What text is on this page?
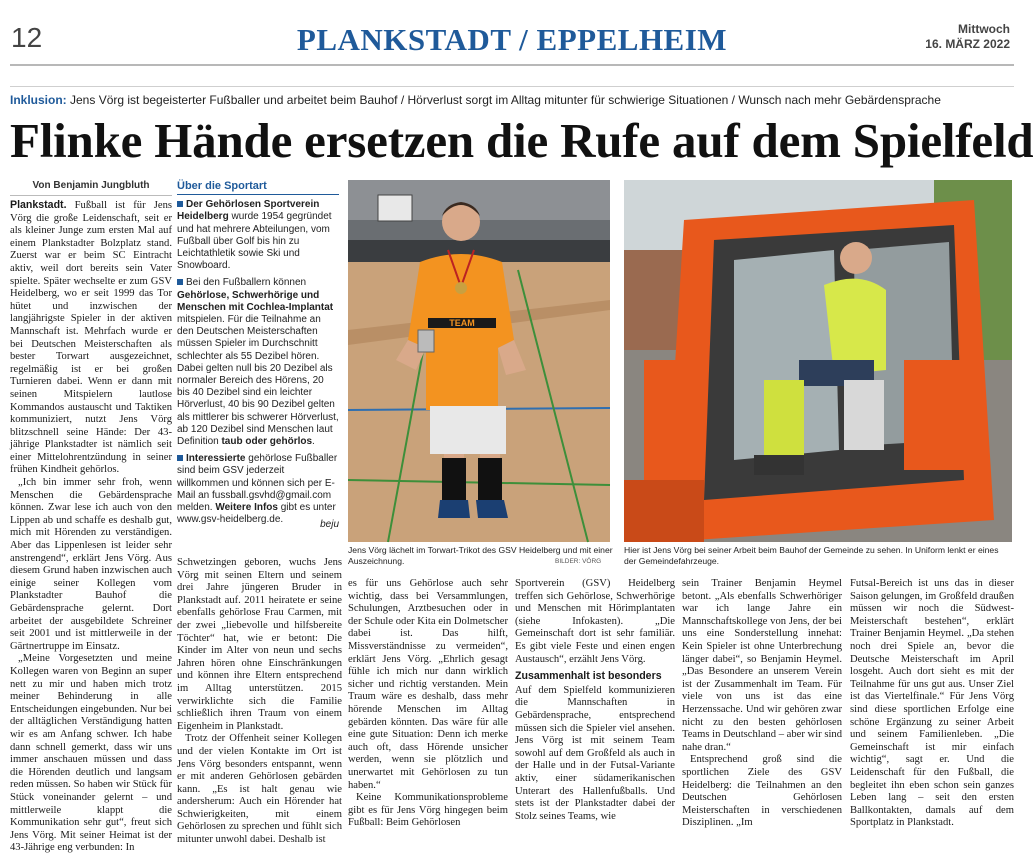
12	PLANKSTADT / EPPELHEIM	Mittwoch
16. MÄRZ 2022
Inklusion: Jens Vörg ist begeisterter Fußballer und arbeitet beim Bauhof / Hörverlust sorgt im Alltag mitunter für schwierige Situationen / Wunsch nach mehr Gebärdensprache
Flinke Hände ersetzen die Rufe auf dem Spielfeld
Von Benjamin Jungbluth

Plankstadt. Fußball ist für Jens Vörg die große Leidenschaft, seit er als kleiner Junge zum ersten Mal auf einem Plankstadter Bolzplatz stand. Zuerst war er beim SC Eintracht aktiv, weil dort bereits sein Vater spielte. Später wechselte er zum GSV Heidelberg, wo er seit 1999 das Tor hütet und inzwischen der langjährigste Spieler in der aktiven Mannschaft ist. Mehrfach wurde er bei Deutschen Meisterschaften als bester Torwart ausgezeichnet, regelmäßig ist er bei großen Turnieren dabei. Wenn er dann mit seinen Mitspielern lautlose Kommandos austauscht und Taktiken kommuniziert, nutzt Jens Vörg blitzschnell seine Hände: Der 43-jährige Plankstadter ist nämlich seit einer Mittelohrentzündung in seiner frühen Kindheit gehörlos.

„Ich bin immer sehr froh, wenn Menschen die Gebärdensprache können. Zwar lese ich auch von den Lippen ab und schaffe es deshalb gut, mich mit Hörenden zu verständigen. Aber das Lippenlesen ist leider sehr anstrengend“, erklärt Jens Vörg. Aus diesem Grund haben inzwischen auch einige seiner Kollegen vom Plankstadter Bauhof die Gebärdensprache gelernt. Dort arbeitet der ausgebildete Schreiner seit 2001 und ist mittlerweile in der Gärtnertruppe im Einsatz.

„Meine Vorgesetzten und meine Kollegen waren von Beginn an super nett zu mir und haben mich trotz meiner Behinderung in alle Entscheidungen eingebunden. Nur bei der alltäglichen Verständigung hatten wir es am Anfang schwer. Ich habe dann schnell gemerkt, dass wir uns immer anschauen müssen und dass die Hörenden deutlich und langsam reden müssen. So haben wir Stück für Stück voneinander gelernt – und mittlerweile klappt die Kommunikation sehr gut“, freut sich Jens Vörg. Mit seiner Heimat ist der 43-Jährige eng verbunden: In

Über die Sportart

Der Gehörlosen Sportverein Heidelberg wurde 1954 gegründet und hat mehrere Abteilungen, vom Fußball über Golf bis hin zu Leichtathletik sowie Ski und Snowboard.

Bei den Fußballern können Gehörlose, Schwerhörige und Menschen mit Cochlea-Implantat mitspielen. Für die Teilnahme an den Deutschen Meisterschaften müssen Spieler im Durchschnitt schlechter als 55 Dezibel hören. Dabei gelten null bis 20 Dezibel als normaler Bereich des Hörens, 20 bis 40 Dezibel sind ein leichter Hörverlust, 40 bis 90 Dezibel gelten als mittlerer bis schwerer Hörverlust, ab 120 Dezibel sind Menschen laut Definition taub oder gehörlos.

Interessierte gehörlose Fußballer sind beim GSV jederzeit willkommen und können sich per E-Mail an fussball.gsvhd@gmail.com melden. Weitere Infos gibt es unter www.gsv-heidelberg.de.	beju
TEAM
Jens Vörg lächelt im Torwart-Trikot des GSV Heidelberg und mit einer Auszeichnung.	BILDER: VÖRG
Hier ist Jens Vörg bei seiner Arbeit beim Bauhof der Gemeinde zu sehen. In Uniform lenkt er eines der Gemeindefahrzeuge.

Schwetzingen geboren, wuchs Jens Vörg mit seinen Eltern und seinem drei Jahre jüngeren Bruder in Plankstadt auf. 2011 heiratete er seine ebenfalls gehörlose Frau Carmen, mit der zwei „liebevolle und hilfsbereite Töchter“ hat, wie er betont: Die Kinder im Alter von neun und sechs Jahren hören ohne Einschränkungen und können ihre Eltern entsprechend im Alltag unterstützen. 2015 verwirklichte sich die Familie schließlich ihren Traum von einem Eigenheim in Plankstadt.

Trotz der Offenheit seiner Kollegen und der vielen Kontakte im Ort ist Jens Vörg besonders entspannt, wenn er mit anderen Gehörlosen gebärden kann. „Es ist halt genau wie andersherum: Auch ein Hörender hat Schwierigkeiten, mit einem Gehörlosen zu sprechen und fühlt sich mitunter unwohl dabei. Deshalb ist

es für uns Gehörlose auch sehr wichtig, dass bei Versammlungen, Schulungen, Arztbesuchen oder in der Schule oder Kita ein Dolmetscher dabei ist. Das hilft, Missverständnisse zu vermeiden“, erklärt Jens Vörg. „Ehrlich gesagt fühle ich mich nur dann wirklich sicher und richtig verstanden. Mein Traum wäre es deshalb, dass mehr hörende Menschen im Alltag gebärden könnten. Das wäre für alle eine gute Situation: Denn ich merke auch oft, dass Hörende unsicher werden, wenn sie plötzlich und unerwartet mit Gehörlosen zu tun haben.“

Keine Kommunikationsprobleme gibt es für Jens Vörg hingegen beim Fußball: Beim Gehörlosen

Sportverein (GSV) Heidelberg treffen sich Gehörlose, Schwerhörige und Menschen mit Hörimplantaten (siehe Infokasten). „Die Gemeinschaft dort ist sehr familiär. Es gibt viele Feste und einen engen Austausch“, erzählt Jens Vörg.

Zusammenhalt ist besonders

Auf dem Spielfeld kommunizieren die Mannschaften in Gebärdensprache, entsprechend müssen sich die Spieler viel ansehen. Jens Vörg ist mit seinem Team sowohl auf dem Großfeld als auch in der Halle und in der Futsal-Variante aktiv, einer südamerikanischen Unterart des Hallenfußballs. Und stets ist der Plankstadter dabei der Stolz seines Teams, wie

sein Trainer Benjamin Heymel betont. „Als ebenfalls Schwerhöriger war ich lange Jahre ein Mannschaftskollege von Jens, der bei uns eine Sonderstellung innehat: Kein Spieler ist ohne Unterbrechung länger dabei“, so Benjamin Heymel. „Das Besondere an unserem Verein ist der Zusammenhalt im Team. Für viele von uns ist das eine Herzenssache. Und wir gehören zwar nicht zu den besten gehörlosen Teams in Deutschland – aber wir sind nahe dran.“

Entsprechend groß sind die sportlichen Ziele des GSV Heidelberg: die Teilnahmen an den Deutschen Gehörlosen Meisterschaften in verschiedenen Disziplinen. „Im

Futsal-Bereich ist uns das in dieser Saison gelungen, im Großfeld draußen müssen wir noch die Südwest-Meisterschaft bestehen“, erklärt Trainer Benjamin Heymel. „Da stehen noch drei Spiele an, bevor die Deutsche Meisterschaft im April losgeht. Auch dort sieht es mit der Teilnahme für uns gut aus. Unser Ziel ist das Viertelfinale.“ Für Jens Vörg sind diese sportlichen Erfolge eine schöne Ergänzung zu seiner Arbeit und seinem Familienleben. „Die Gemeinschaft ist mir einfach wichtig“, sagt er. Und die Leidenschaft für den Fußball, die begleitet ihn eben schon sein ganzes Leben lang – seit den ersten Ballkontakten, damals auf dem Sportplatz in Plankstadt.
